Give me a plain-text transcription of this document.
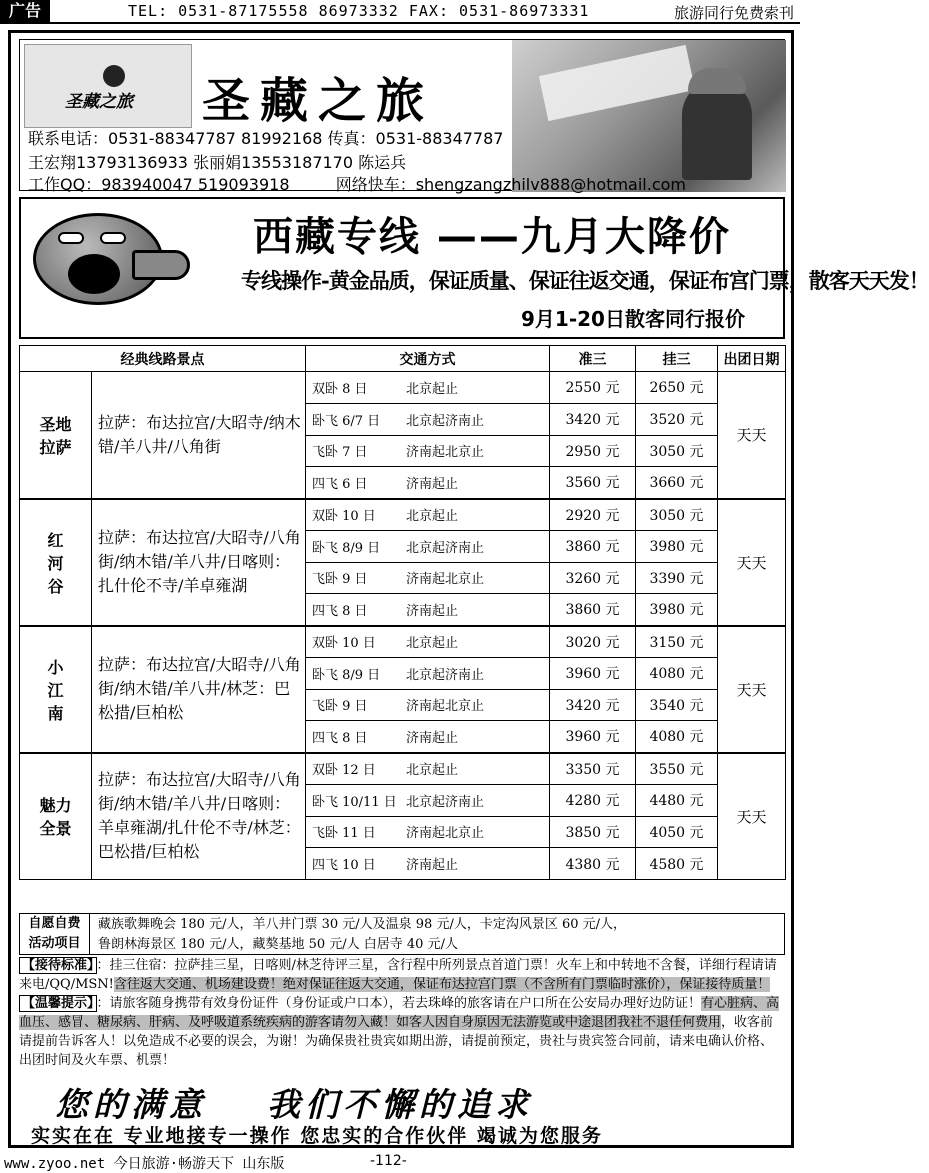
广告	TEL: 0531-87175558 86973332 FAX: 0531-86973331	旅游同行免费索刊
圣藏之旅 圣藏之旅
联系电话：0531-88347787 81992168 传真：0531-88347787
王宏翔13793136933 张丽娟13553187170 陈运兵
工作QQ：983940047 519093918	网络快车：shengzangzhilv888@hotmail.com
西藏专线 ——九月大降价
专线操作-黄金品质，保证质量、保证往返交通，保证布宫门票，散客天天发！
9月1-20日散客同行报价
经典线路景点		交通方式	准三	挂三	出团日期
圣地
拉萨	拉萨：布达拉宫/大昭寺/纳木错/羊八井/八角街	双卧 8 日 北京起止	2550 元	2650 元	天天
		卧飞 6/7 日 北京起济南止	3420 元	3520 元	
		飞卧 7 日 济南起北京止	2950 元	3050 元	
		四飞 6 日 济南起止	3560 元	3660 元	
红
河
谷	拉萨：布达拉宫/大昭寺/八角街/纳木错/羊八井/日喀则：扎什伦不寺/羊卓雍湖	双卧 10 日 北京起止	2920 元	3050 元	天天
		卧飞 8/9 日 北京起济南止	3860 元	3980 元	
		飞卧 9 日 济南起北京止	3260 元	3390 元	
		四飞 8 日 济南起止	3860 元	3980 元	
小
江
南	拉萨：布达拉宫/大昭寺/八角街/纳木错/羊八井/林芝：巴松措/巨柏松	双卧 10 日 北京起止	3020 元	3150 元	天天
		卧飞 8/9 日 北京起济南止	3960 元	4080 元	
		飞卧 9 日 济南起北京止	3420 元	3540 元	
		四飞 8 日 济南起止	3960 元	4080 元	
魅力
全景	拉萨：布达拉宫/大昭寺/八角街/纳木错/羊八井/日喀则：羊卓雍湖/扎什伦不寺/林芝：巴松措/巨柏松	双卧 12 日 北京起止	3350 元	3550 元	天天
		卧飞 10/11 日 北京起济南止	4280 元	4480 元	
		飞卧 11 日 济南起北京止	3850 元	4050 元	
		四飞 10 日 济南起止	4380 元	4580 元	
自愿自费
活动项目
藏族歌舞晚会 180 元/人，羊八井门票 30 元/人及温泉 98 元/人，卡定沟风景区 60 元/人，
鲁朗林海景区 180 元/人，藏獒基地 50 元/人 白居寺 40 元/人
【接待标准】 ：挂三住宿：拉萨挂三星，日喀则/林芝待评三星，含行程中所列景点首道门票！火车上和中转地不含餐，详细行程请请来电/QQ/MSN!含往返大交通、机场建设费！绝对保证往返大交通，保证布达拉宫门票（不含所有门票临时涨价），保证接待质量！
【温馨提示】 ：请旅客随身携带有效身份证件（身份证或户口本），若去珠峰的旅客请在户口所在公安局办理好边防证！有心脏病、高血压、感冒、糖尿病、肝病、及呼吸道系统疾病的游客请勿入藏！如客人因自身原因无法游览或中途退团我社不退任何费用，收客前请提前告诉客人！以免造成不必要的误会，为谢！为确保贵社贵宾如期出游，请提前预定，贵社与贵宾签合同前，请来电确认价格、出团时间及火车票、机票！
您的满意 我们不懈的追求
实实在在 专业地接专一操作 您忠实的合作伙伴 竭诚为您服务
www.zyoo.net 今日旅游·畅游天下 山东版	-112-
